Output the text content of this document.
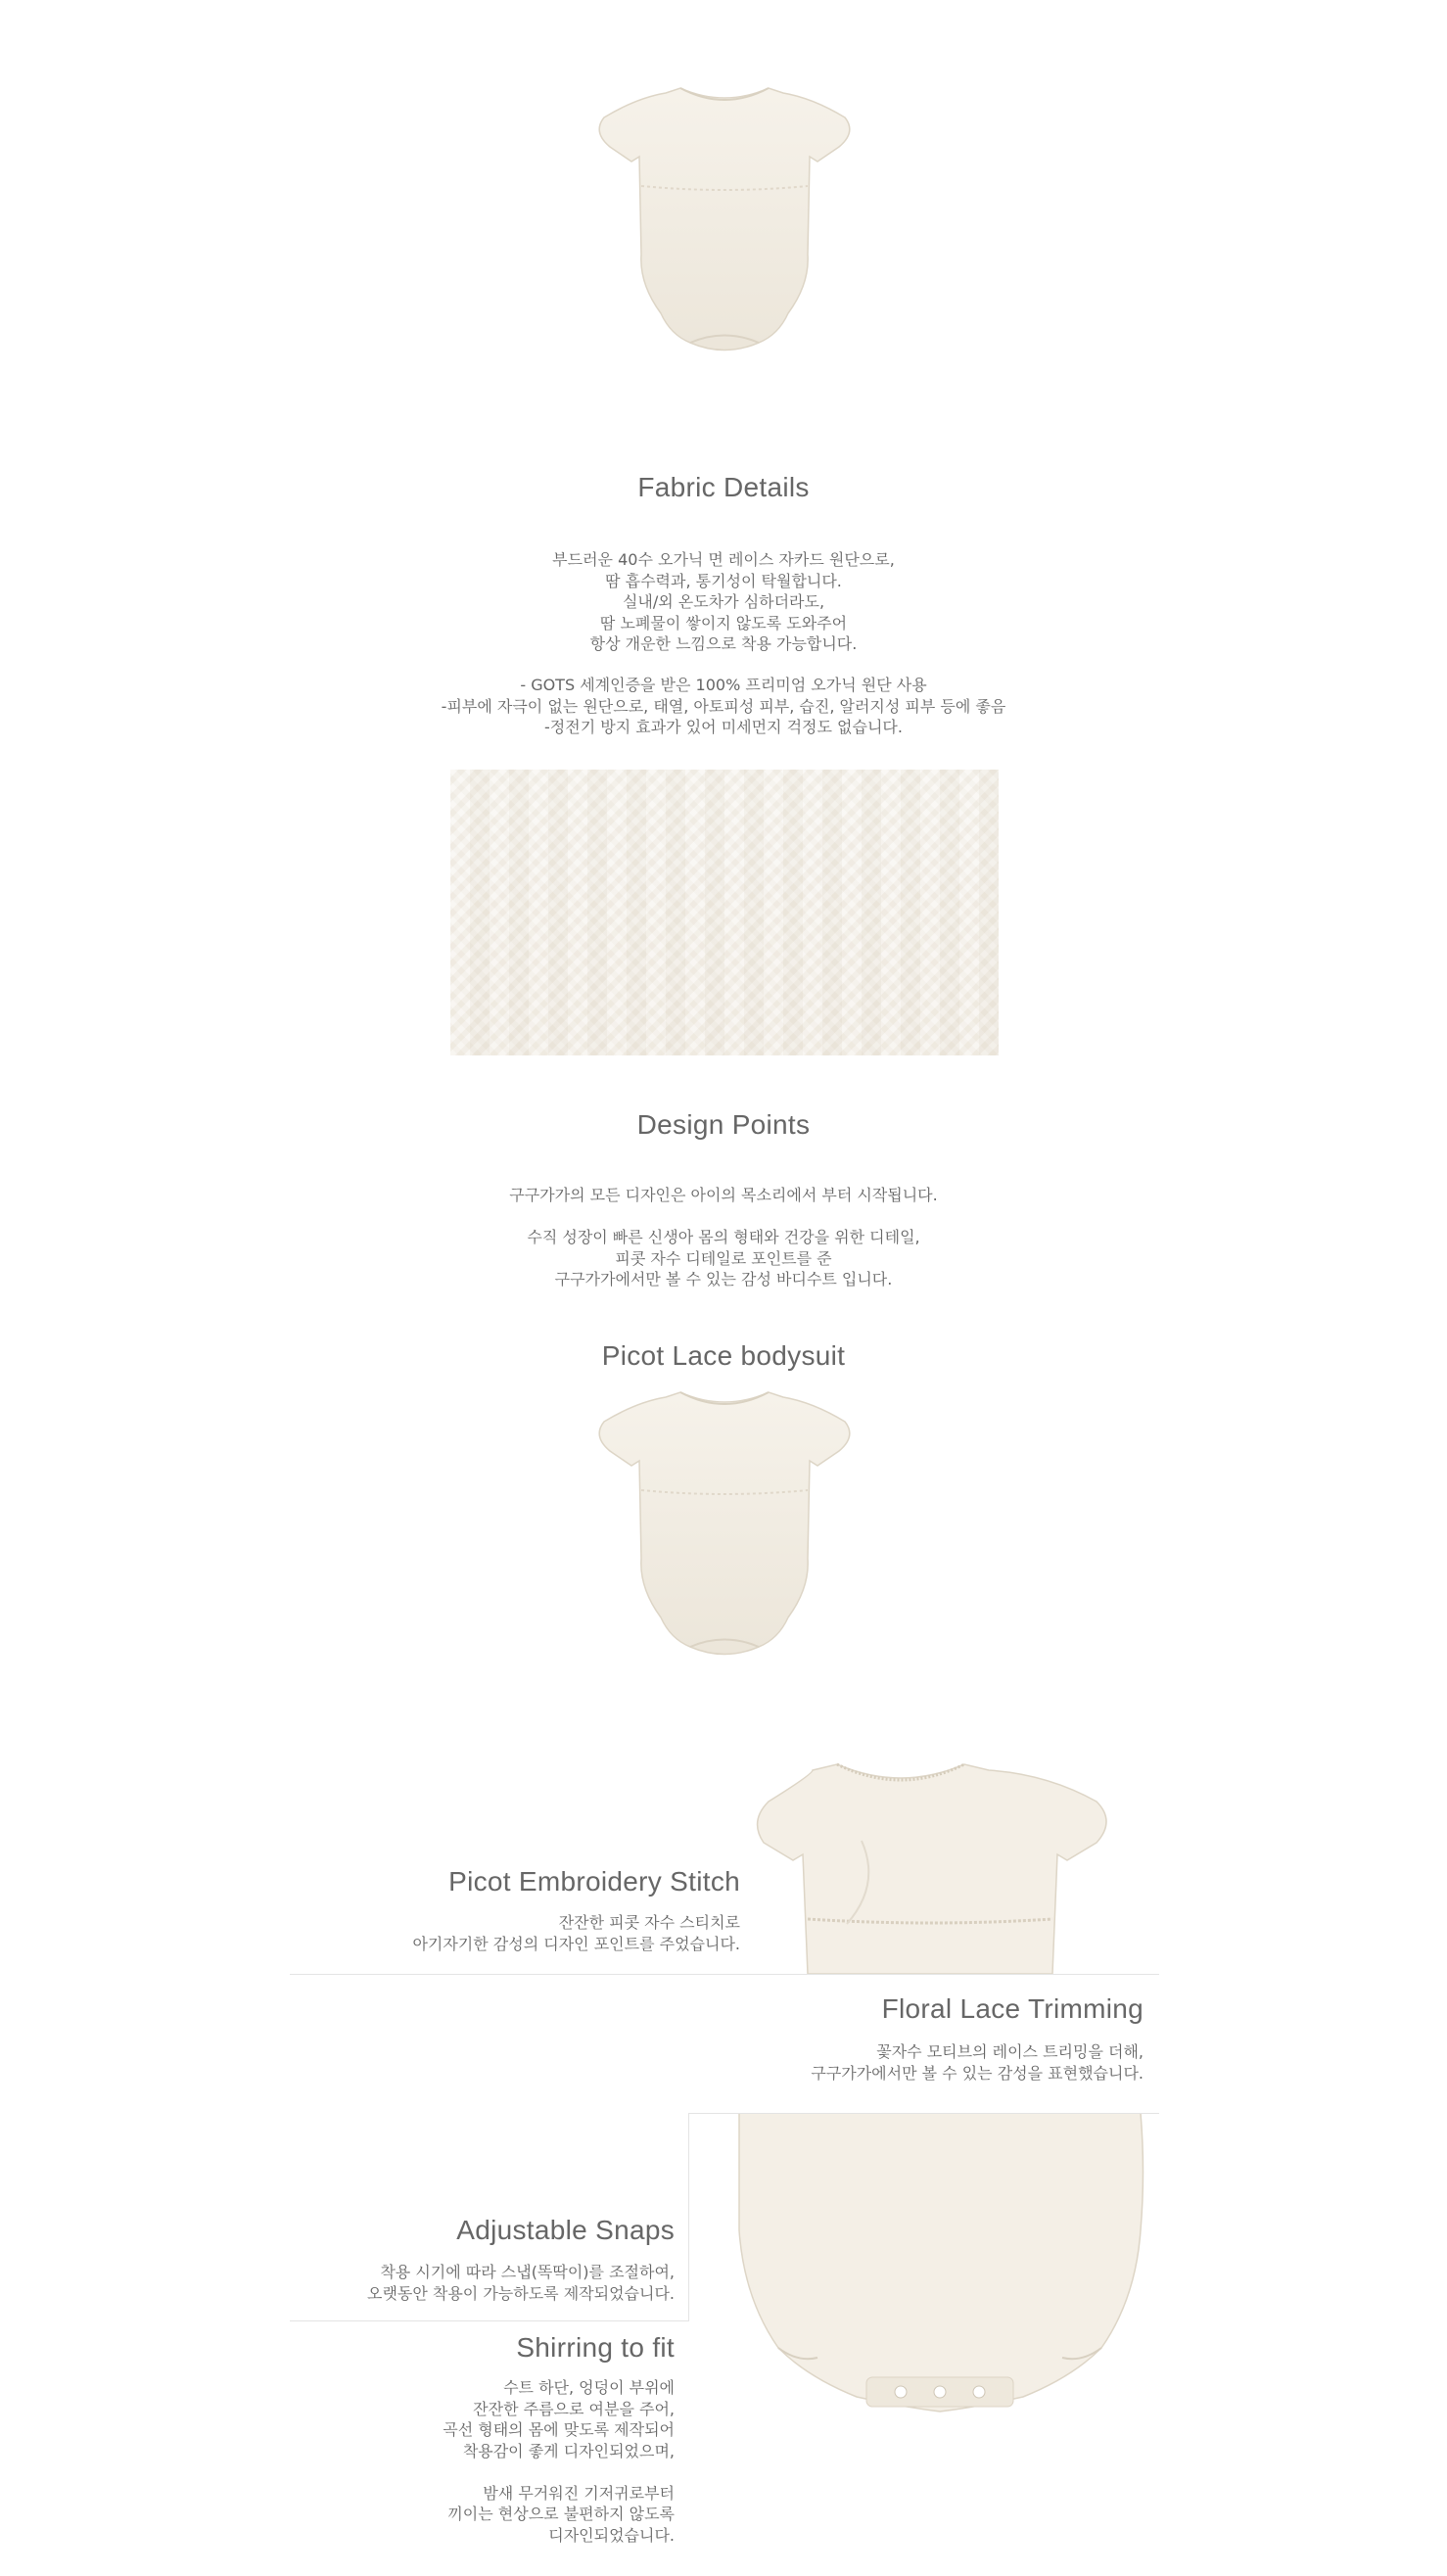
Fabric Details
부드러운 40수 오가닉 면 레이스 자카드 원단으로,
땀 흡수력과, 통기성이 탁월합니다.
실내/외 온도차가 심하더라도,
땀 노폐물이 쌓이지 않도록 도와주어
항상 개운한 느낌으로 착용 가능합니다.
- GOTS 세계인증을 받은 100% 프리미엄 오가닉 원단 사용
-피부에 자극이 없는 원단으로, 태열, 아토피성 피부, 습진, 알러지성 피부 등에 좋음
-정전기 방지 효과가 있어 미세먼지 걱정도 없습니다.
Design Points
구구가가의 모든 디자인은 아이의 목소리에서 부터 시작됩니다.
수직 성장이 빠른 신생아 몸의 형태와 건강을 위한 디테일,
피콧 자수 디테일로 포인트를 준
구구가가에서만 볼 수 있는 감성 바디수트 입니다.
Picot Lace bodysuit
Picot Embroidery Stitch
잔잔한 피콧 자수 스티치로
아기자기한 감성의 디자인 포인트를 주었습니다.
Floral Lace Trimming
꽃자수 모티브의 레이스 트리밍을 더해,
구구가가에서만 볼 수 있는 감성을 표현했습니다.
Adjustable Snaps
착용 시기에 따라 스냅(똑딱이)를 조절하여,
오랫동안 착용이 가능하도록 제작되었습니다.
Shirring to fit
수트 하단, 엉덩이 부위에
잔잔한 주름으로 여분을 주어,
곡선 형태의 몸에 맞도록 제작되어
착용감이 좋게 디자인되었으며,

밤새 무거워진 기저귀로부터
끼이는 현상으로 불편하지 않도록
디자인되었습니다.
